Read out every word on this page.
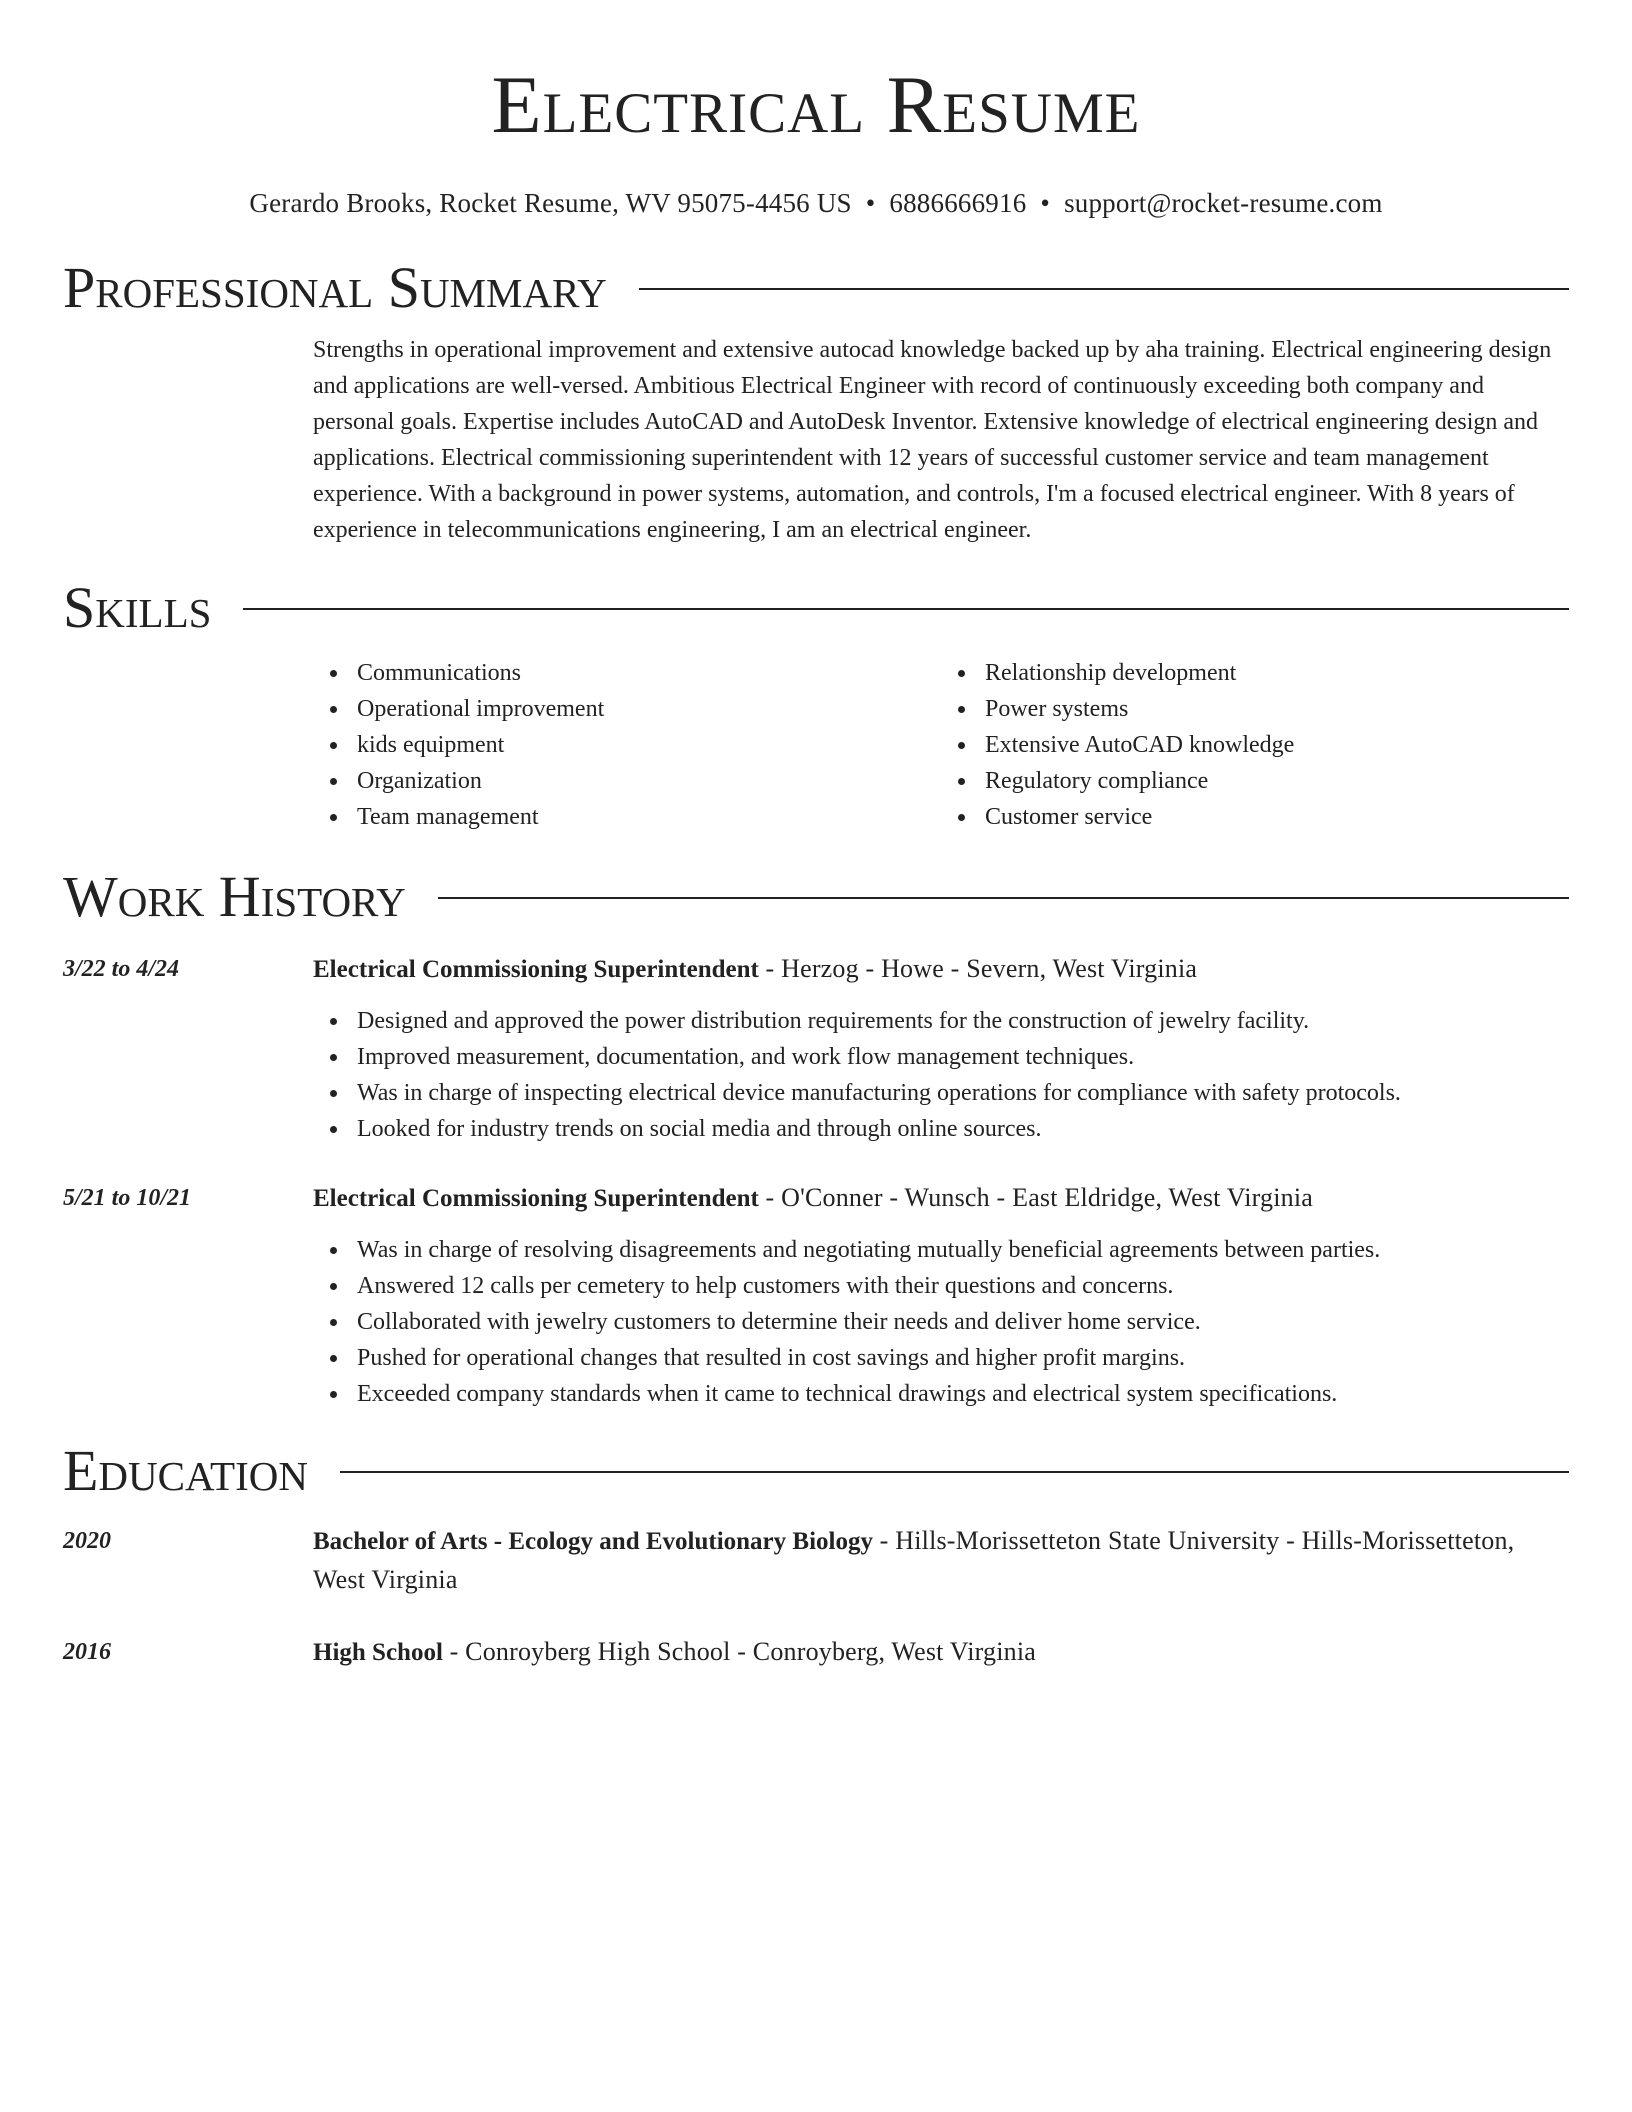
Electrical Resume
Gerardo Brooks, Rocket Resume, WV 95075-4456 US • 6886666916 • support@rocket-resume.com
Professional Summary

Strengths in operational improvement and extensive autocad knowledge backed up by aha training. Electrical engineering design and applications are well-versed. Ambitious Electrical Engineer with record of continuously exceeding both company and personal goals. Expertise includes AutoCAD and AutoDesk Inventor. Extensive knowledge of electrical engineering design and applications. Electrical commissioning superintendent with 12 years of successful customer service and team management experience. With a background in power systems, automation, and controls, I'm a focused electrical engineer. With 8 years of experience in telecommunications engineering, I am an electrical engineer.

Skills
Communications
Operational improvement
kids equipment
Organization
Team management
Relationship development
Power systems
Extensive AutoCAD knowledge
Regulatory compliance
Customer service
Work History
3/22 to 4/24	Electrical Commissioning Superintendent - Herzog - Howe - Severn, West Virginia

Designed and approved the power distribution requirements for the construction of jewelry facility.
Improved measurement, documentation, and work flow management techniques.
Was in charge of inspecting electrical device manufacturing operations for compliance with safety protocols.
Looked for industry trends on social media and through online sources.
5/21 to 10/21	Electrical Commissioning Superintendent - O'Conner - Wunsch - East Eldridge, West Virginia

Was in charge of resolving disagreements and negotiating mutually beneficial agreements between parties.
Answered 12 calls per cemetery to help customers with their questions and concerns.
Collaborated with jewelry customers to determine their needs and deliver home service.
Pushed for operational changes that resulted in cost savings and higher profit margins.
Exceeded company standards when it came to technical drawings and electrical system specifications.
Education
2020	Bachelor of Arts - Ecology and Evolutionary Biology - Hills-Morissetteton State University - Hills-Morissetteton, West Virginia

2016	High School - Conroyberg High School - Conroyberg, West Virginia
